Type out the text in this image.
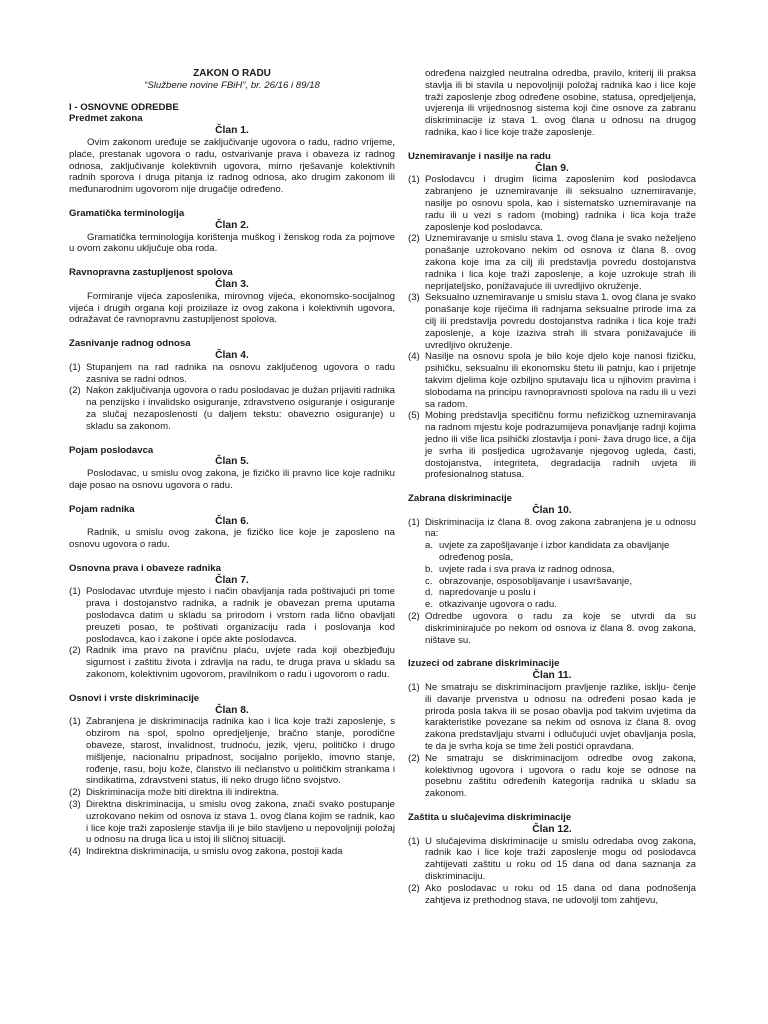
ZAKON O RADU
“Službene novine FBiH”, br. 26/16 i 89/18
I - OSNOVNE ODREDBE
Predmet zakona
Član 1.

Ovim zakonom uređuje se zaključivanje ugovora o radu, radno vrijeme, plaće, prestanak ugovora o radu, ostvarivanje prava i obaveza iz radnog odnosa, zaključivanje kolektivnih ugovora, mirno rješavanje kolektivnih radnih sporova i druga pitanja iz radnog odnosa, ako drugim zakonom ili međunarodnim ugovorom nije drugačije određeno.

Gramatička terminologija
Član 2.

Gramatička terminologija korištenja muškog i ženskog roda za pojmove u ovom zakonu uključuje oba roda.

Ravnopravna zastupljenost spolova
Član 3.

Formiranje vijeća zaposlenika, mirovnog vijeća, ekonomsko-socijalnog vijeća i drugih organa koji proizilaze iz ovog zakona i kolektivnih ugovora, odražavat će ravnopravnu zastupljenost spolova.

Zasnivanje radnog odnosa
Član 4.
(1) Stupanjem na rad radnika na osnovu zaključenog ugovora o radu zasniva se radni odnos.
(2) Nakon zaključivanja ugovora o radu poslodavac je dužan prijaviti radnika na penzijsko i invalidsko osiguranje, zdravstveno osiguranje i osiguranje za slučaj nezaposlenosti (u daljem tekstu: obavezno osiguranje) u skladu sa zakonom.
Pojam poslodavca
Član 5.

Poslodavac, u smislu ovog zakona, je fizičko ili pravno lice koje radniku daje posao na osnovu ugovora o radu.

Pojam radnika
Član 6.

Radnik, u smislu ovog zakona, je fizičko lice koje je zaposleno na osnovu ugovora o radu.

Osnovna prava i obaveze radnika
Član 7.
(1) Poslodavac utvrđuje mjesto i način obavljanja rada poštivajući pri tome prava i dostojanstvo radnika, a radnik je obavezan prema uputama poslodavca datim u skladu sa prirodom i vrstom rada lično obavljati preuzeti posao, te poštivati organizaciju rada i poslovanja kod poslodavca, kao i zakone i opće akte poslodavca.
(2) Radnik ima pravo na pravičnu plaću, uvjete rada koji obezbjeđuju sigurnost i zaštitu života i zdravlja na radu, te druga prava u skladu sa zakonom, kolektivnim ugovorom, pravilnikom o radu i ugovorom o radu.
Osnovi i vrste diskriminacije
Član 8.
(1) Zabranjena je diskriminacija radnika kao i lica koje traži zaposlenje, s obzirom na spol, spolno opredjeljenje, bračno stanje, porodične obaveze, starost, invalidnost, trudnoću, jezik, vjeru, političko i drugo mišljenje, nacionalnu pripadnost, socijalno porijeklo, imovno stanje, rođenje, rasu, boju kože, članstvo ili nečlanstvo u političkim strankama i sindikatima, zdravstveni status, ili neko drugo lično svojstvo.
(2) Diskriminacija može biti direktna ili indirektna.
(3) Direktna diskriminacija, u smislu ovog zakona, znači svako postupanje uzrokovano nekim od osnova iz stava 1. ovog člana kojim se radnik, kao i lice koje traži zaposlenje stavlja ili je bilo stavljeno u nepovoljniji položaj u odnosu na druga lica u istoj ili sličnoj situaciji.
(4) Indirektna diskriminacija, u smislu ovog zakona, postoji kada
određena naizgled neutralna odredba, pravilo, kriterij ili praksa stavlja ili bi stavila u nepovoljniji položaj radnika kao i lice koje traži zaposlenje zbog određene osobine, statusa, opredjeljenja, uvjerenja ili vrijednosnog sistema koji čine osnove za zabranu diskriminacije iz stava 1. ovog člana u odnosu na drugog radnika, kao i lice koje traže zaposlenje.
Uznemiravanje i nasilje na radu
Član 9.
(1) Poslodavcu i drugim licima zaposlenim kod poslodavca zabranjeno je uznemiravanje ili seksualno uznemiravanje, nasilje po osnovu spola, kao i sistematsko uznemiravanje na radu ili u vezi s radom (mobing) radnika i lica koja traže zaposlenje kod poslodavca.
(2) Uznemiravanje u smislu stava 1. ovog člana je svako neželjeno ponašanje uzrokovano nekim od osnova iz člana 8. ovog zakona koje ima za cilj ili predstavlja povredu dostojanstva radnika i lica koje traži zaposlenje, a koje uzrokuje strah ili neprijateljsko, ponižavajuće ili uvredljivo okruženje.
(3) Seksualno uznemiravanje u smislu stava 1. ovog člana je svako ponašanje koje riječima ili radnjama seksualne prirode ima za cilj ili predstavlja povredu dostojanstva radnika i lica koje traži zaposlenje, a koje izaziva strah ili stvara ponižavajuće ili uvredljivo okruženje.
(4) Nasilje na osnovu spola je bilo koje djelo koje nanosi fizičku, psihičku, seksualnu ili ekonomsku štetu ili patnju, kao i prijetnje takvim djelima koje ozbiljno sputavaju lica u njihovim pravima i slobodama na principu ravnopravnosti spolova na radu ili u vezi sa radom.
(5) Mobing predstavlja specifičnu formu nefizičkog uznemiravanja na radnom mjestu koje podrazumijeva ponavljanje radnji kojima jedno ili više lica psihički zlostavlja i poni- žava drugo lice, a čija je svrha ili posljedica ugrožavanje njegovog ugleda, časti, dostojanstva, integriteta, degradacija radnih uvjeta ili profesionalnog statusa.
Zabrana diskriminacije
Član 10.
(1) Diskriminacija iz člana 8. ovog zakona zabranjena je u odnosu na:
a. uvjete za zapošljavanje i izbor kandidata za obavljanje određenog posla,
b. uvjete rada i sva prava iz radnog odnosa,
c. obrazovanje, osposobljavanje i usavršavanje,
d. napredovanje u poslu i
e. otkazivanje ugovora o radu.
(2) Odredbe ugovora o radu za koje se utvrdi da su diskriminirajuće po nekom od osnova iz člana 8. ovog zakona, ništave su.
Izuzeci od zabrane diskriminacije
Član 11.
(1) Ne smatraju se diskriminacijom pravljenje razlike, isklju- čenje ili davanje prvenstva u odnosu na određeni posao kada je priroda posla takva ili se posao obavlja pod takvim uvjetima da karakteristike povezane sa nekim od osnova iz člana 8. ovog zakona predstavljaju stvarni i odlučujući uvjet obavljanja posla, te da je svrha koja se time želi postići opravdana.
(2) Ne smatraju se diskriminacijom odredbe ovog zakona, kolektivnog ugovora i ugovora o radu koje se odnose na posebnu zaštitu određenih kategorija radnika u skladu sa zakonom.
Zaštita u slučajevima diskriminacije
Član 12.
(1) U slučajevima diskriminacije u smislu odredaba ovog zakona, radnik kao i lice koje traži zaposlenje mogu od poslodavca zahtijevati zaštitu u roku od 15 dana od dana saznanja za diskriminaciju.
(2) Ako poslodavac u roku od 15 dana od dana podnošenja zahtjeva iz prethodnog stava, ne udovolji tom zahtjevu,
